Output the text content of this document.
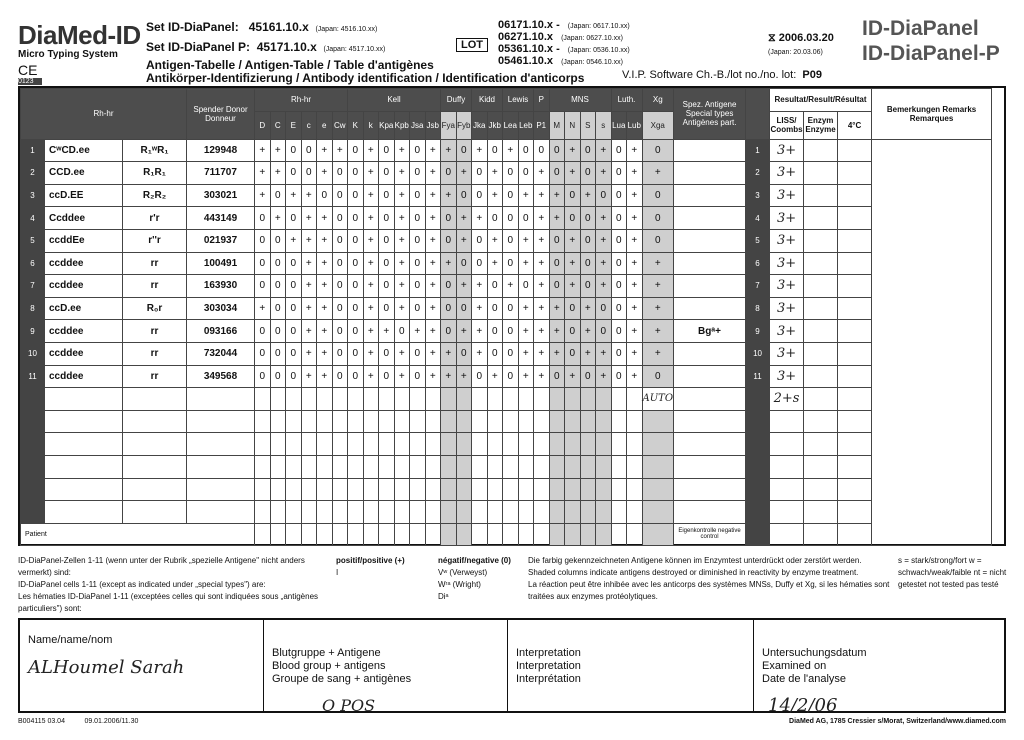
DiaMed-ID
Micro Typing System
CE
0123
Set ID-DiaPanel: 45161.10.x (Japan: 4516.10.xx)
Set ID-DiaPanel P: 45171.10.x (Japan: 4517.10.xx)
Antigen-Tabelle / Antigen-Table / Table d'antigènes
Antikörper-Identifizierung / Antibody identification / Identification d'anticorps
LOT
06171.10.x - (Japan: 0617.10.xx)
06271.10.x (Japan: 0627.10.xx)
05361.10.x - (Japan: 0536.10.xx)
05461.10.x (Japan: 0546.10.xx)
⧖ 2006.03.20
(Japan: 20.03.06)
ID-DiaPanel
ID-DiaPanel-P
V.I.P. Software Ch.-B./lot no./no. lot: P09
Rh-hr			Spender Donor Donneur	Rh-hr						Kell						Duffy		Kidd		Lewis		P	MNS				Luth.		Xg	Spez. Antigene Special types Antigènes part.		Resultat/Result/Résultat			Bemerkungen Remarks Remarques
				D	C	E	c	e	Cw	K	k	Kpa	Kpb	Jsa	Jsb	Fya	Fyb	Jka	Jkb	Lea	Leb	P1	M	N	S	s	Lua	Lub	Xga			LISS/ Coombs	Enzym Enzyme	4°C	
1	CʷCD.ee	R₁ʷR₁	129948	+	+	0	0	+	+	0	+	0	+	0	+	+	0	+	0	+	0	0	0	+	0	+	0	+	0		1	3+			
2	CCD.ee	R₁R₁	711707	+	+	0	0	+	0	0	+	0	+	0	+	0	+	0	+	0	0	+	0	+	0	+	0	+	+		2	3+			
3	ccD.EE	R₂R₂	303021	+	0	+	+	0	0	0	+	0	+	0	+	+	0	0	+	0	+	+	+	0	+	0	0	+	0		3	3+			
4	Ccddee	r'r	443149	0	+	0	+	+	0	0	+	0	+	0	+	0	+	+	0	0	0	+	+	0	0	+	0	+	0		4	3+			
5	ccddEe	r''r	021937	0	0	+	+	+	0	0	+	0	+	0	+	0	+	0	+	0	+	+	0	+	0	+	0	+	0		5	3+			
6	ccddee	rr	100491	0	0	0	+	+	0	0	+	0	+	0	+	+	0	0	+	0	+	+	0	+	0	+	0	+	+		6	3+			
7	ccddee	rr	163930	0	0	0	+	+	0	0	+	0	+	0	+	0	+	+	0	+	0	+	0	+	0	+	0	+	+		7	3+			
8	ccD.ee	R₀r	303034	+	0	0	+	+	0	0	+	0	+	0	+	0	0	+	0	0	+	+	+	0	+	0	0	+	+		8	3+			
9	ccddee	rr	093166	0	0	0	+	+	0	0	+	+	0	+	+	0	+	+	0	0	+	+	+	0	+	0	0	+	+	Bgᵃ+	9	3+			
10	ccddee	rr	732044	0	0	0	+	+	0	0	+	0	+	0	+	+	0	+	0	0	+	+	+	0	+	+	0	+	+		10	3+			
11	ccddee	rr	349568	0	0	0	+	+	0	0	+	0	+	0	+	+	+	0	+	0	+	+	0	+	0	+	0	+	0		11	3+			
																													AUTO			2+s			

Patient																														Eigenkontrolle negative control					
ID-DiaPanel-Zellen 1-11 (wenn unter der Rubrik „spezielle Antigene" nicht anders vermerkt) sind:
ID-DiaPanel cells 1-11 (except as indicated under „special types") are:
Les hématies ID-DiaPanel 1-11 (exceptées celles qui sont indiquées sous „antigènes particuliers") sont:
positif/positive (+)
I
négatif/negative (0)
Vʷ (Verweyst)
Wʳᵃ (Wright)
Diᵃ
Die farbig gekennzeichneten Antigene können im Enzymtest unterdrückt oder zerstört werden.
Shaded columns indicate antigens destroyed or diminished in reactivity by enzyme treatment.
La réaction peut être inhibée avec les anticorps des systèmes MNSs, Duffy et Xg, si les hématies sont traitées aux enzymes protéolytiques.
s = stark/strong/fort w = schwach/weak/faible nt = nicht getestet not tested pas testé
Name/name/nom
ALHoumel Sarah

Blutgruppe + Antigene
Blood group + antigens
Groupe de sang + antigènes

O POS

Interpretation
Interpretation
Interprétation

Untersuchungsdatum
Examined on
Date de l'analyse

14/2/06

B004115 03.04	09.01.2006/11.30	DiaMed AG, 1785 Cressier s/Morat, Switzerland/www.diamed.com
